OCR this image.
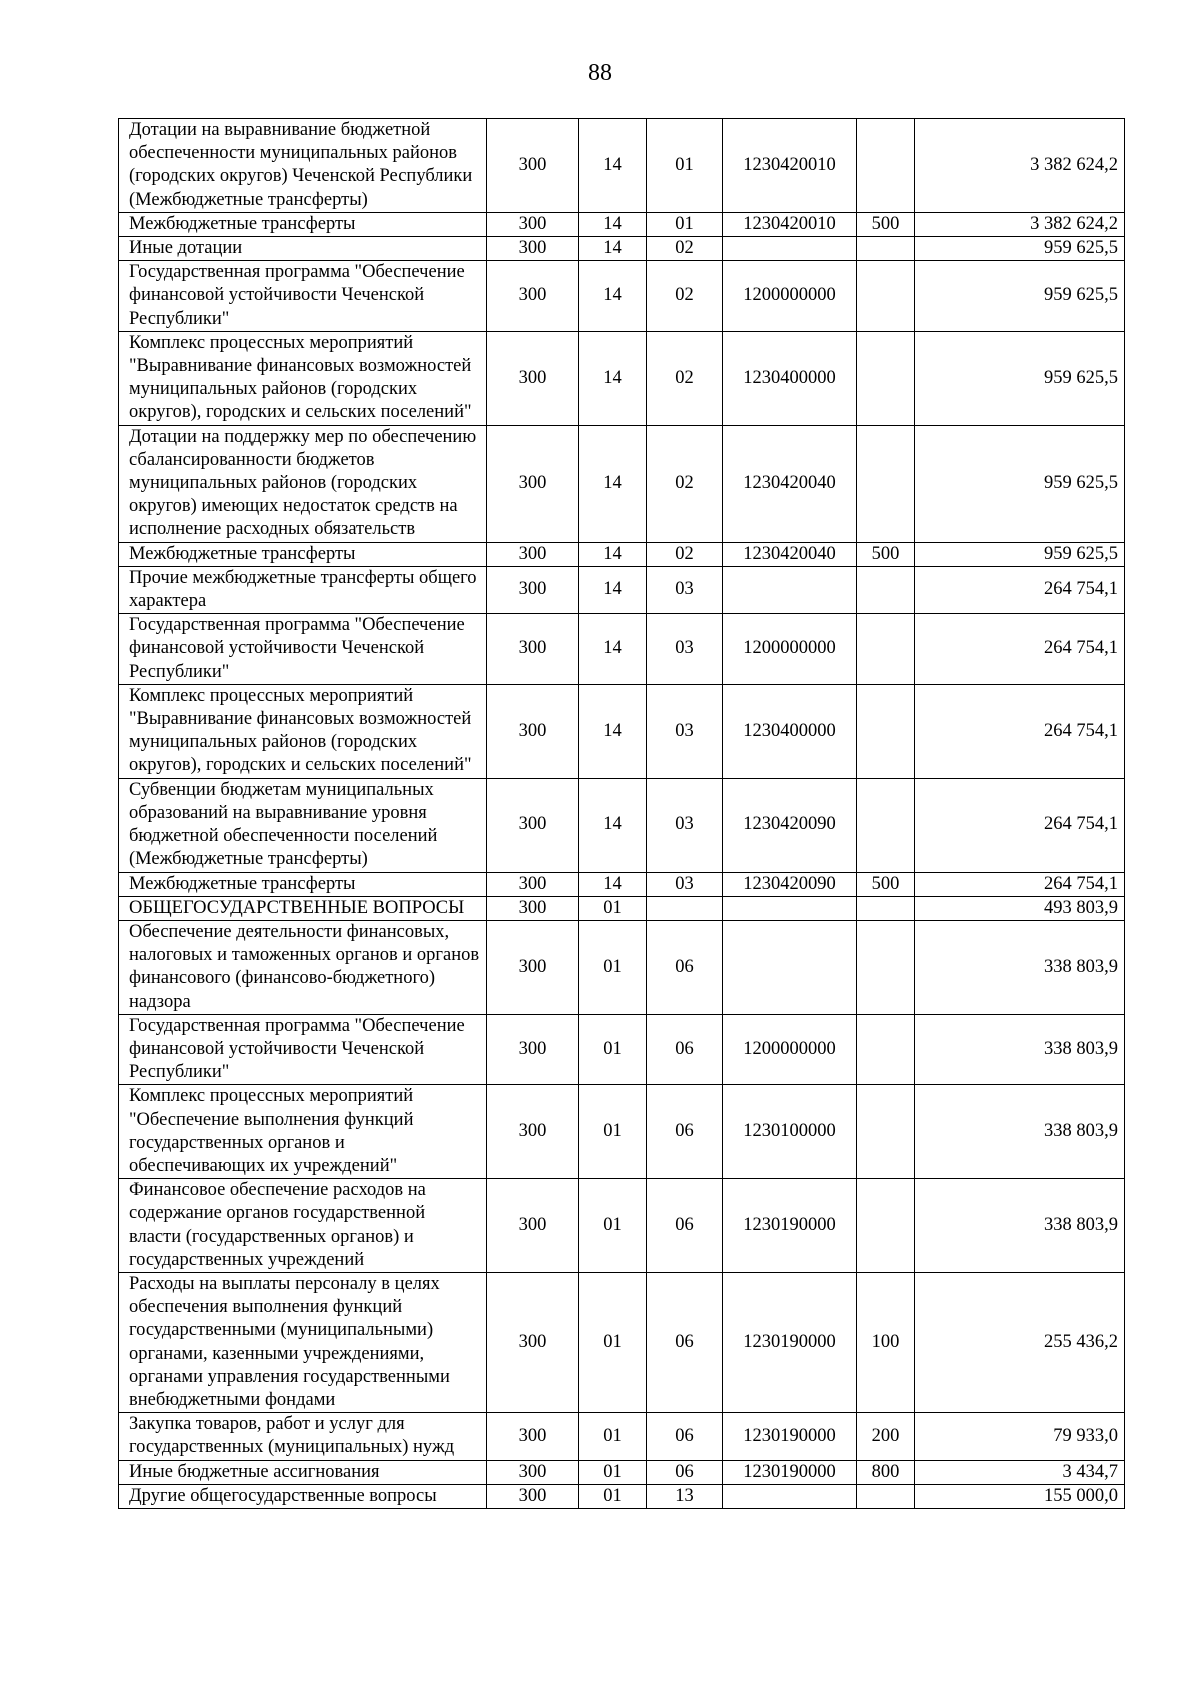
88
Дотации на выравнивание бюджетной обеспеченности муниципальных районов (городских округов) Чеченской Республики (Межбюджетные трансферты)	300	14	01	1230420010		3 382 624,2
Межбюджетные трансферты	300	14	01	1230420010	500	3 382 624,2
Иные дотации	300	14	02			959 625,5
Государственная программа "Обеспечение финансовой устойчивости Чеченской Республики"	300	14	02	1200000000		959 625,5
Комплекс процессных мероприятий "Выравнивание финансовых возможностей муниципальных районов (городских округов), городских и сельских поселений"	300	14	02	1230400000		959 625,5
Дотации на поддержку мер по обеспечению сбалансированности бюджетов муниципальных районов (городских округов) имеющих недостаток средств на исполнение расходных обязательств	300	14	02	1230420040		959 625,5
Межбюджетные трансферты	300	14	02	1230420040	500	959 625,5
Прочие межбюджетные трансферты общего характера	300	14	03			264 754,1
Государственная программа "Обеспечение финансовой устойчивости Чеченской Республики"	300	14	03	1200000000		264 754,1
Комплекс процессных мероприятий "Выравнивание финансовых возможностей муниципальных районов (городских округов), городских и сельских поселений"	300	14	03	1230400000		264 754,1
Субвенции бюджетам муниципальных образований на выравнивание уровня бюджетной обеспеченности поселений (Межбюджетные трансферты)	300	14	03	1230420090		264 754,1
Межбюджетные трансферты	300	14	03	1230420090	500	264 754,1
ОБЩЕГОСУДАРСТВЕННЫЕ ВОПРОСЫ	300	01				493 803,9
Обеспечение деятельности финансовых, налоговых и таможенных органов и органов финансового (финансово-бюджетного) надзора	300	01	06			338 803,9
Государственная программа "Обеспечение финансовой устойчивости Чеченской Республики"	300	01	06	1200000000		338 803,9
Комплекс процессных мероприятий "Обеспечение выполнения функций государственных органов и обеспечивающих их учреждений"	300	01	06	1230100000		338 803,9
Финансовое обеспечение расходов на содержание органов государственной власти (государственных органов) и государственных учреждений	300	01	06	1230190000		338 803,9
Расходы на выплаты персоналу в целях обеспечения выполнения функций государственными (муниципальными) органами, казенными учреждениями, органами управления государственными внебюджетными фондами	300	01	06	1230190000	100	255 436,2
Закупка товаров, работ и услуг для государственных (муниципальных) нужд	300	01	06	1230190000	200	79 933,0
Иные бюджетные ассигнования	300	01	06	1230190000	800	3 434,7
Другие общегосударственные вопросы	300	01	13			155 000,0
